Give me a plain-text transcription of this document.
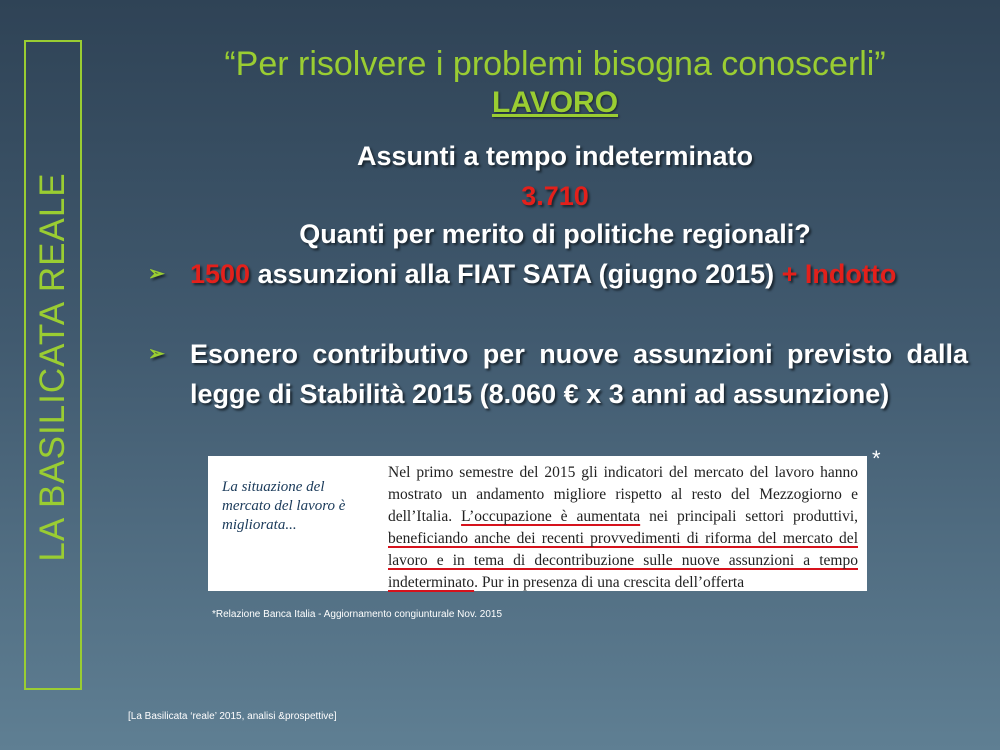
LA BASILICATA REALE
“Per risolvere i problemi bisogna conoscerli”
LAVORO
Assunti a tempo indeterminato
3.710
Quanti per merito di politiche regionali?
➢ 1500 assunzioni alla FIAT SATA (giugno 2015) + Indotto
➢ Esonero contributivo per nuove assunzioni previsto dalla legge di Stabilità 2015 (8.060 € x 3 anni ad assunzione)
La situazione del mercato del lavoro è migliorata...
Nel primo semestre del 2015 gli indicatori del mercato del lavoro hanno mostrato un andamento migliore rispetto al resto del Mezzogiorno e dell’Italia. L’occupazione è aumentata nei principali settori produttivi, beneficiando anche dei recenti provvedimenti di riforma del mercato del lavoro e in tema di decontribuzione sulle nuove assunzioni a tempo indeterminato. Pur in presenza di una crescita dell’offerta
*
*Relazione Banca Italia - Aggiornamento congiunturale Nov. 2015
[La Basilicata ‘reale’ 2015, analisi &prospettive]
